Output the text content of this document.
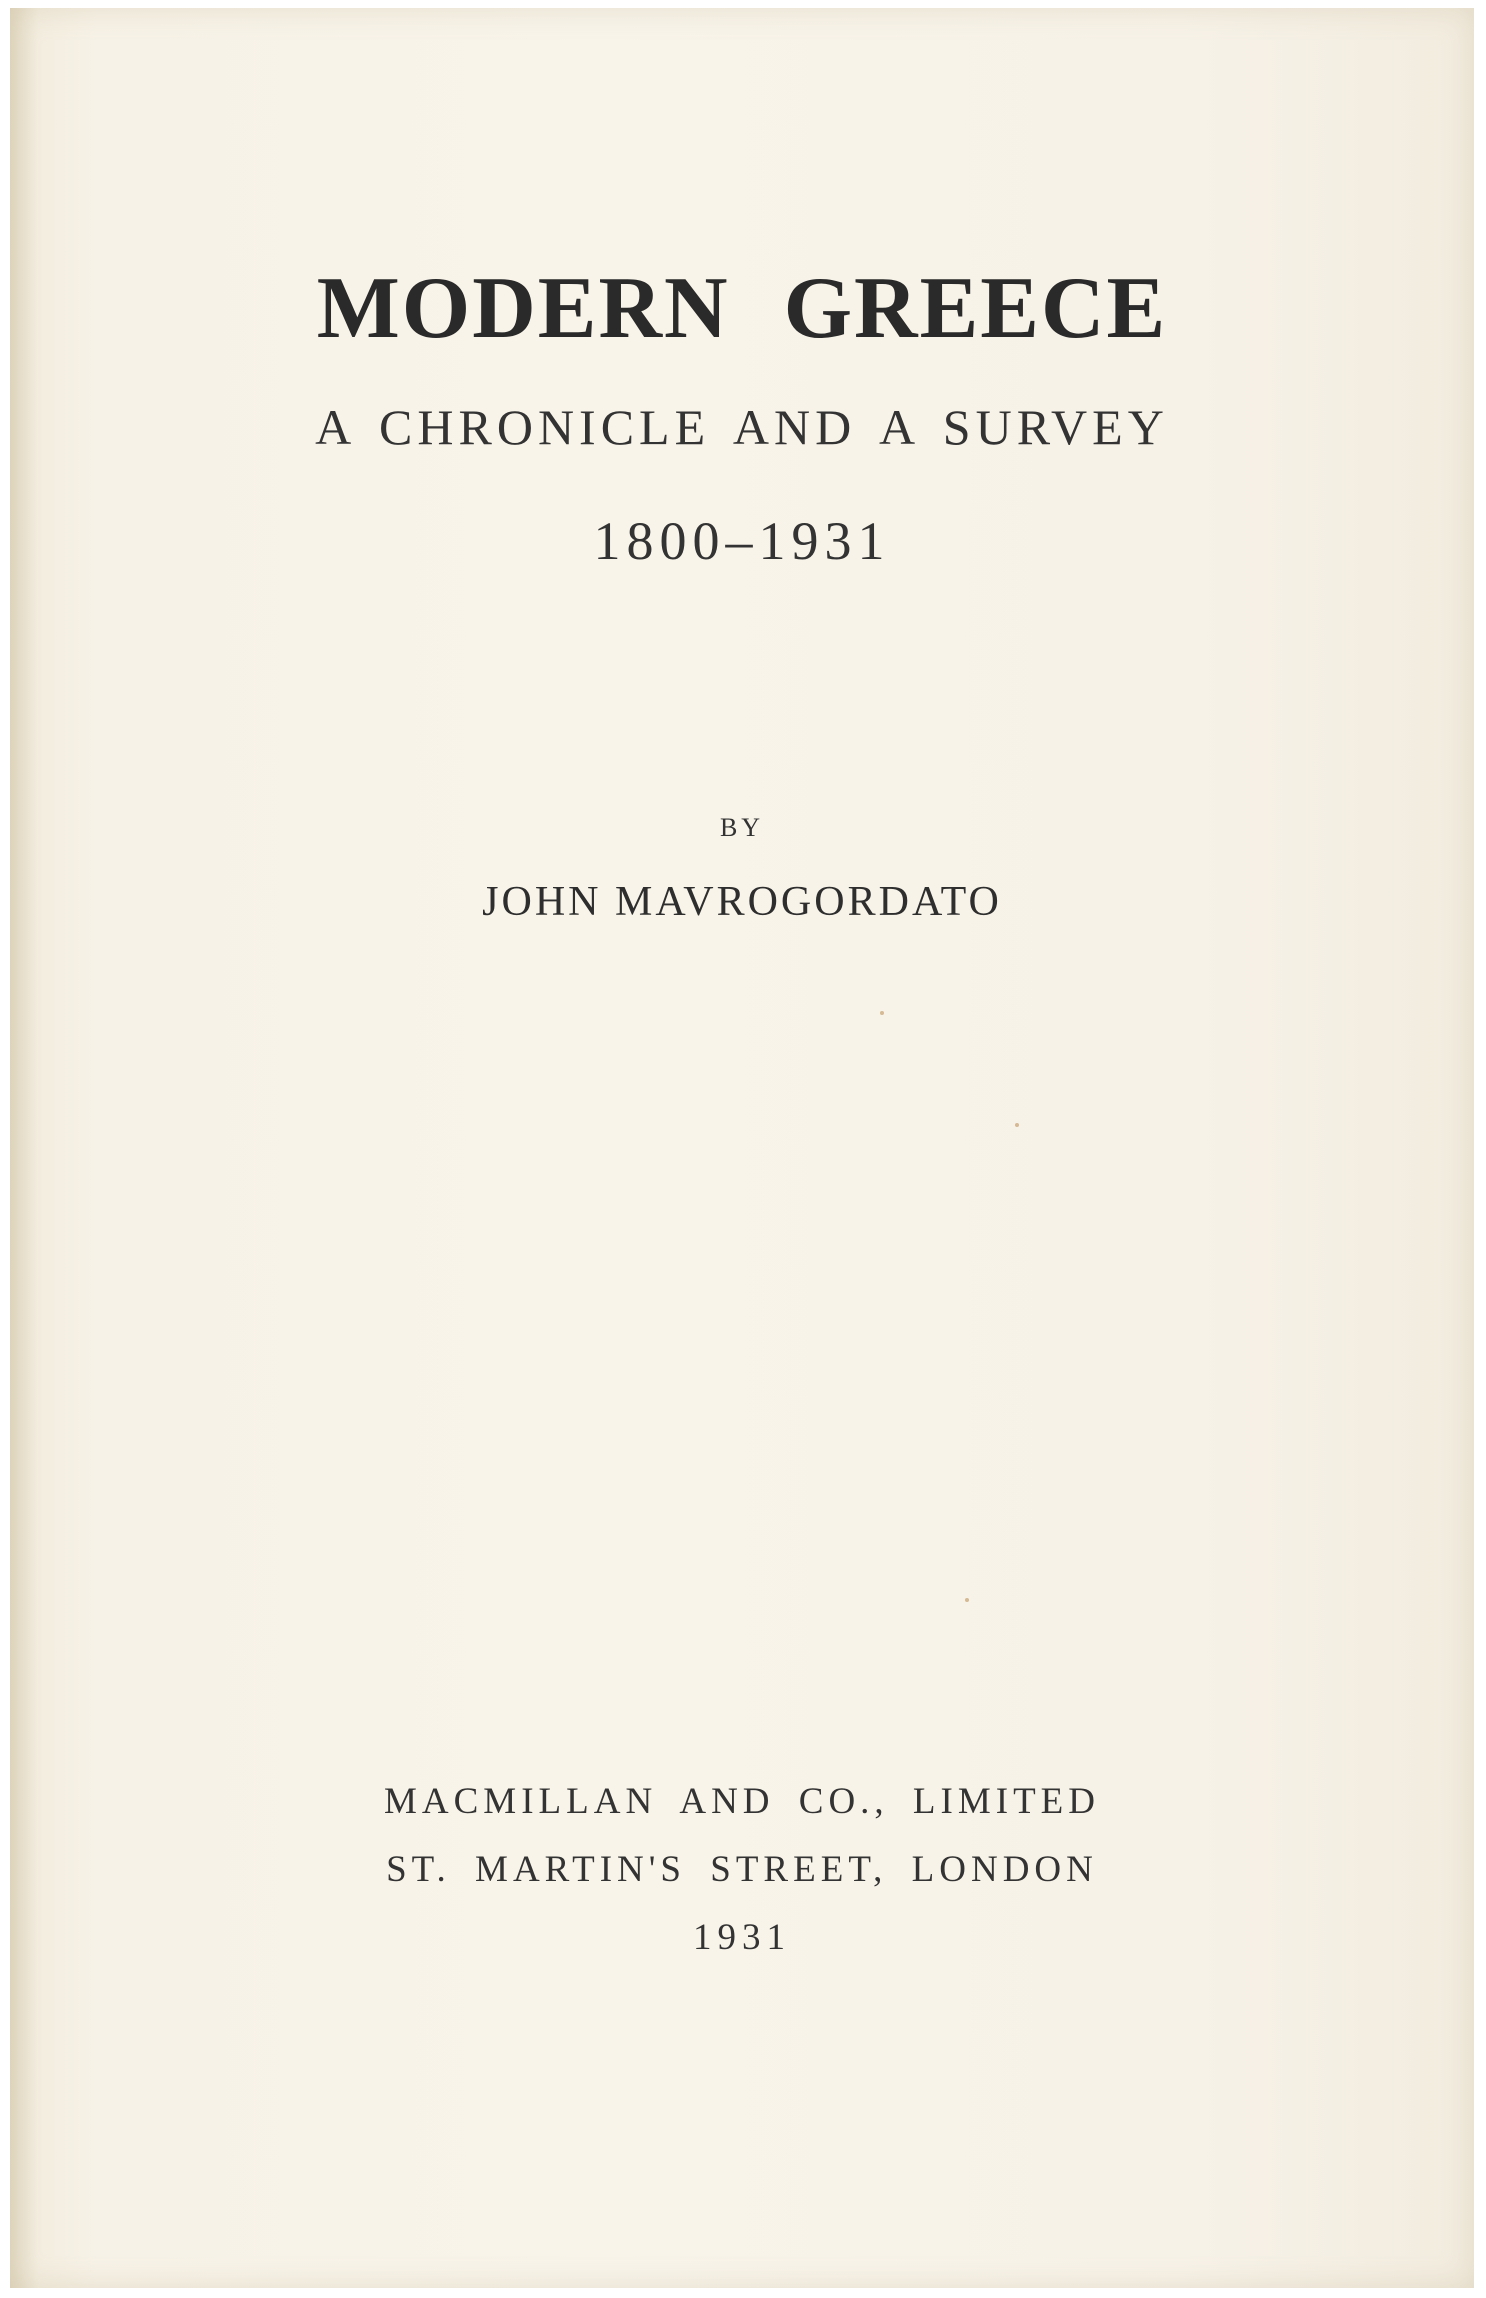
MODERN GREECE
A CHRONICLE AND A SURVEY
1800–1931
BY
JOHN MAVROGORDATO
MACMILLAN AND CO., LIMITED
ST. MARTIN'S STREET, LONDON
1931
